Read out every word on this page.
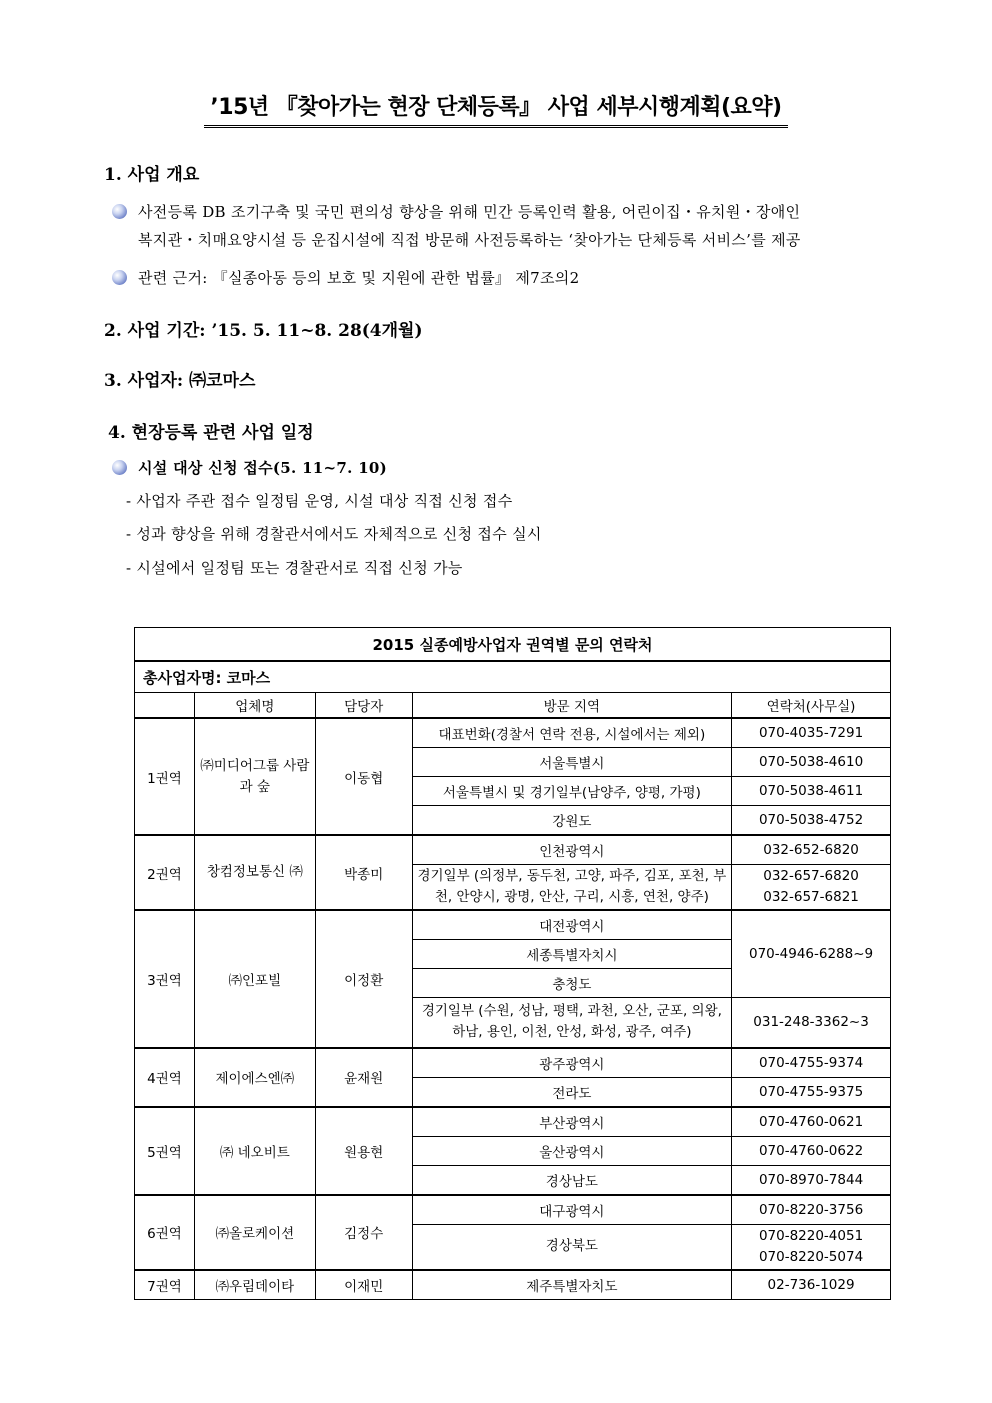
’15년 『찾아가는 현장 단체등록』 사업 세부시행계획(요약)
1. 사업 개요
사전등록 DB 조기구축 및 국민 편의성 향상을 위해 민간 등록인력 활용, 어린이집・유치원・장애인
복지관・치매요양시설 등 운집시설에 직접 방문해 사전등록하는 ‘찾아가는 단체등록 서비스’를 제공
관련 근거: 『실종아동 등의 보호 및 지원에 관한 법률』 제7조의2
2. 사업 기간: ’15. 5. 11~8. 28(4개월)
3. 사업자: ㈜코마스
4. 현장등록 관련 사업 일정
시설 대상 신청 접수(5. 11~7. 10)
- 사업자 주관 접수 일정팀 운영, 시설 대상 직접 신청 접수
- 성과 향상을 위해 경찰관서에서도 자체적으로 신청 접수 실시
- 시설에서 일정팀 또는 경찰관서로 직접 신청 가능
2015 실종예방사업자 권역별 문의 연락처				
총사업자명: 코마스				
	업체명	담당자	방문 지역	연락처(사무실)
1권역	㈜미디어그룹 사람과 숲	이동협	대표번화(경찰서 연락 전용, 시설에서는 제외)	070-4035-7291
			서울특별시	070-5038-4610
			서울특별시 및 경기일부(남양주, 양평, 가평)	070-5038-4611
			강원도	070-5038-4752
2권역	창컴정보통신 ㈜	박종미	인천광역시	032-652-6820
			경기일부 (의정부, 동두천, 고양, 파주, 김포, 포천, 부천, 안양시, 광명, 안산, 구리, 시흥, 연천, 양주)	032-657-6820
032-657-6821

3권역	㈜인포빌	이정환	대전광역시	070-4946-6288~9
			세종특별자치시	
			충청도	
			경기일부 (수원, 성남, 평택, 과천, 오산, 군포, 의왕, 하남, 용인, 이천, 안성, 화성, 광주, 여주)	031-248-3362~3
4권역	제이에스엔㈜	윤재원	광주광역시	070-4755-9374
			전라도	070-4755-9375
5권역	㈜ 네오비트	원용현	부산광역시	070-4760-0621
			울산광역시	070-4760-0622
			경상남도	070-8970-7844
6권역	㈜올로케이션	김정수	대구광역시	070-8220-3756
			경상북도	070-8220-4051
070-8220-5074

7권역	㈜우림데이타	이재민	제주특별자치도	02-736-1029
